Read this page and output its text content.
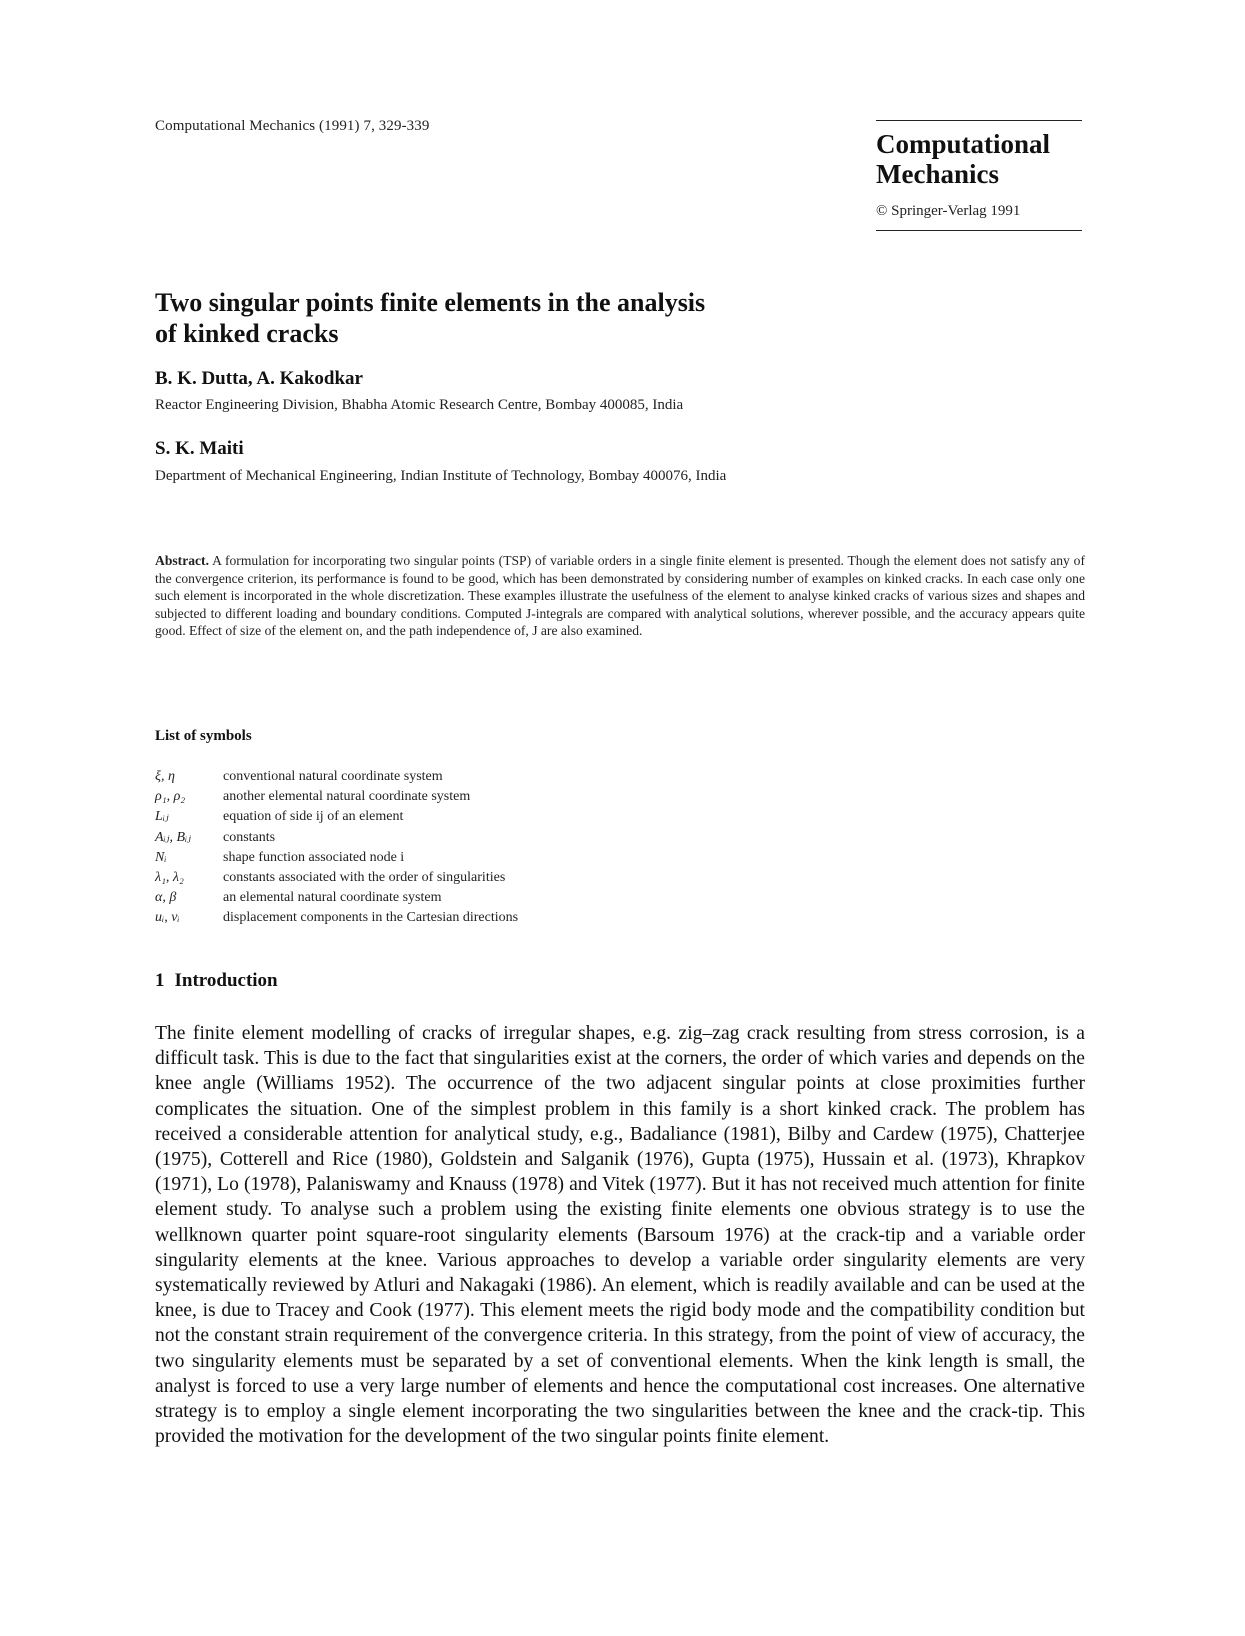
Computational Mechanics (1991) 7, 329-339
Computational
Mechanics
© Springer-Verlag 1991
Two singular points finite elements in the analysis
of kinked cracks
B. K. Dutta, A. Kakodkar
Reactor Engineering Division, Bhabha Atomic Research Centre, Bombay 400085, India
S. K. Maiti
Department of Mechanical Engineering, Indian Institute of Technology, Bombay 400076, India
Abstract. A formulation for incorporating two singular points (TSP) of variable orders in a single finite element is presented. Though the element does not satisfy any of the convergence criterion, its performance is found to be good, which has been demonstrated by considering number of examples on kinked cracks. In each case only one such element is incorporated in the whole discretization. These examples illustrate the usefulness of the element to analyse kinked cracks of various sizes and shapes and subjected to different loading and boundary conditions. Computed J-integrals are compared with analytical solutions, wherever possible, and the accuracy appears quite good. Effect of size of the element on, and the path independence of, J are also examined.
List of symbols
ξ, η	conventional natural coordinate system
ρ₁, ρ₂	another elemental natural coordinate system
Lᵢⱼ	equation of side ij of an element
Aᵢⱼ, Bᵢⱼ	constants
Nᵢ	shape function associated node i
λ₁, λ₂	constants associated with the order of singularities
α, β	an elemental natural coordinate system
uᵢ, vᵢ	displacement components in the Cartesian directions
1 Introduction
The finite element modelling of cracks of irregular shapes, e.g. zig–zag crack resulting from stress corrosion, is a difficult task. This is due to the fact that singularities exist at the corners, the order of which varies and depends on the knee angle (Williams 1952). The occurrence of the two adjacent singular points at close proximities further complicates the situation. One of the simplest problem in this family is a short kinked crack. The problem has received a considerable attention for analytical study, e.g., Badaliance (1981), Bilby and Cardew (1975), Chatterjee (1975), Cotterell and Rice (1980), Goldstein and Salganik (1976), Gupta (1975), Hussain et al. (1973), Khrapkov (1971), Lo (1978), Palaniswamy and Knauss (1978) and Vitek (1977). But it has not received much attention for finite element study. To analyse such a problem using the existing finite elements one obvious strategy is to use the wellknown quarter point square-root singularity elements (Barsoum 1976) at the crack-tip and a variable order singularity elements at the knee. Various approaches to develop a variable order singularity elements are very systematically reviewed by Atluri and Nakagaki (1986). An element, which is readily available and can be used at the knee, is due to Tracey and Cook (1977). This element meets the rigid body mode and the compatibility condition but not the constant strain requirement of the convergence criteria. In this strategy, from the point of view of accuracy, the two singularity elements must be separated by a set of conventional elements. When the kink length is small, the analyst is forced to use a very large number of elements and hence the computational cost increases. One alternative strategy is to employ a single element incorporating the two singularities between the knee and the crack-tip. This provided the motivation for the development of the two singular points finite element.
